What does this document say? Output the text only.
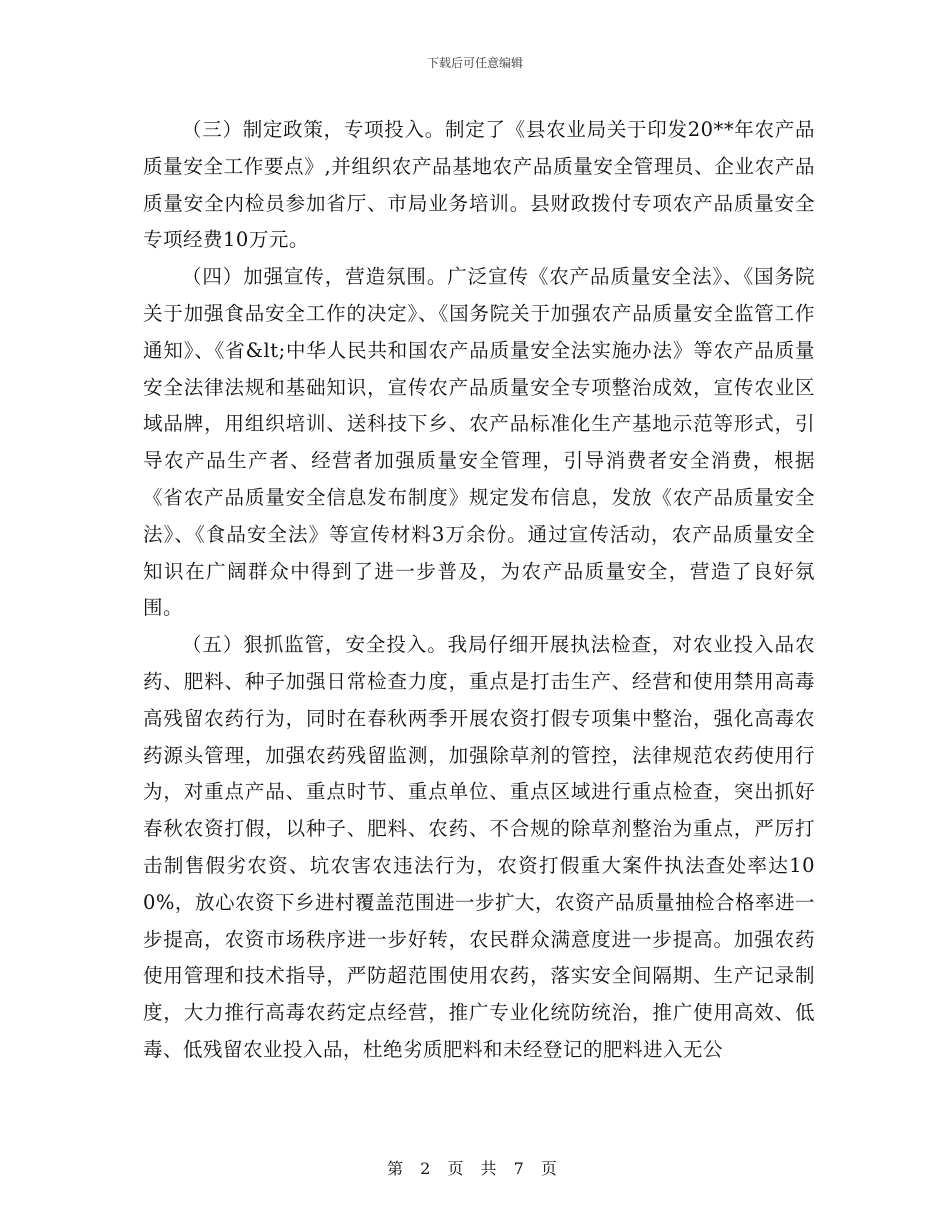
下载后可任意编辑

（三）制定政策，专项投入。制定了《县农业局关于印发20**年农产品质量安全工作要点》,并组织农产品基地农产品质量安全管理员、企业农产品质量安全内检员参加省厅、市局业务培训。县财政拨付专项农产品质量安全专项经费10万元。

（四）加强宣传，营造氛围。广泛宣传《农产品质量安全法》、《国务院关于加强食品安全工作的决定》、《国务院关于加强农产品质量安全监管工作通知》、《省&lt;中华人民共和国农产品质量安全法实施办法》等农产品质量安全法律法规和基础知识，宣传农产品质量安全专项整治成效，宣传农业区域品牌，用组织培训、送科技下乡、农产品标准化生产基地示范等形式，引导农产品生产者、经营者加强质量安全管理，引导消费者安全消费，根据《省农产品质量安全信息发布制度》规定发布信息，发放《农产品质量安全法》、《食品安全法》等宣传材料3万余份。通过宣传活动，农产品质量安全知识在广阔群众中得到了进一步普及，为农产品质量安全，营造了良好氛围。

（五）狠抓监管，安全投入。我局仔细开展执法检查，对农业投入品农药、肥料、种子加强日常检查力度，重点是打击生产、经营和使用禁用高毒高残留农药行为，同时在春秋两季开展农资打假专项集中整治，强化高毒农药源头管理，加强农药残留监测，加强除草剂的管控，法律规范农药使用行为，对重点产品、重点时节、重点单位、重点区域进行重点检查，突出抓好春秋农资打假，以种子、肥料、农药、不合规的除草剂整治为重点，严厉打击制售假劣农资、坑农害农违法行为，农资打假重大案件执法查处率达100%，放心农资下乡进村覆盖范围进一步扩大，农资产品质量抽检合格率进一步提高，农资市场秩序进一步好转，农民群众满意度进一步提高。加强农药使用管理和技术指导，严防超范围使用农药，落实安全间隔期、生产记录制度，大力推行高毒农药定点经营，推广专业化统防统治，推广使用高效、低毒、低残留农业投入品，杜绝劣质肥料和未经登记的肥料进入无公

第 2 页 共 7 页
